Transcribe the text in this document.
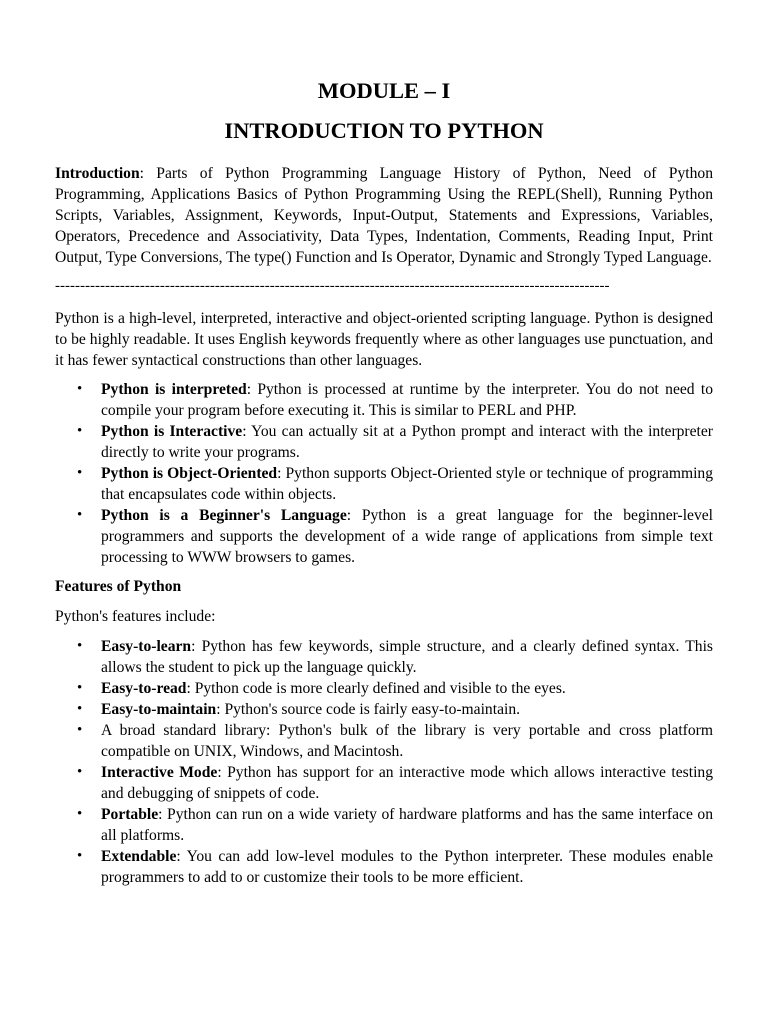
MODULE – I
INTRODUCTION TO PYTHON

Introduction: Parts of Python Programming Language History of Python, Need of Python Programming, Applications Basics of Python Programming Using the REPL(Shell), Running Python Scripts, Variables, Assignment, Keywords, Input-Output, Statements and Expressions, Variables, Operators, Precedence and Associativity, Data Types, Indentation, Comments, Reading Input, Print Output, Type Conversions, The type() Function and Is Operator, Dynamic and Strongly Typed Language.

---------------------------------------------------------------------------------------------------------------

Python is a high-level, interpreted, interactive and object-oriented scripting language. Python is designed to be highly readable. It uses English keywords frequently where as other languages use punctuation, and it has fewer syntactical constructions than other languages.

• Python is interpreted: Python is processed at runtime by the interpreter. You do not need to compile your program before executing it. This is similar to PERL and PHP.
• Python is Interactive: You can actually sit at a Python prompt and interact with the interpreter directly to write your programs.
• Python is Object-Oriented: Python supports Object-Oriented style or technique of programming that encapsulates code within objects.
• Python is a Beginner's Language: Python is a great language for the beginner-level programmers and supports the development of a wide range of applications from simple text processing to WWW browsers to games.
Features of Python

Python's features include:

• Easy-to-learn: Python has few keywords, simple structure, and a clearly defined syntax. This allows the student to pick up the language quickly.
• Easy-to-read: Python code is more clearly defined and visible to the eyes.
• Easy-to-maintain: Python's source code is fairly easy-to-maintain.
• A broad standard library: Python's bulk of the library is very portable and cross platform compatible on UNIX, Windows, and Macintosh.
• Interactive Mode: Python has support for an interactive mode which allows interactive testing and debugging of snippets of code.
• Portable: Python can run on a wide variety of hardware platforms and has the same interface on all platforms.
• Extendable: You can add low-level modules to the Python interpreter. These modules enable programmers to add to or customize their tools to be more efficient.
